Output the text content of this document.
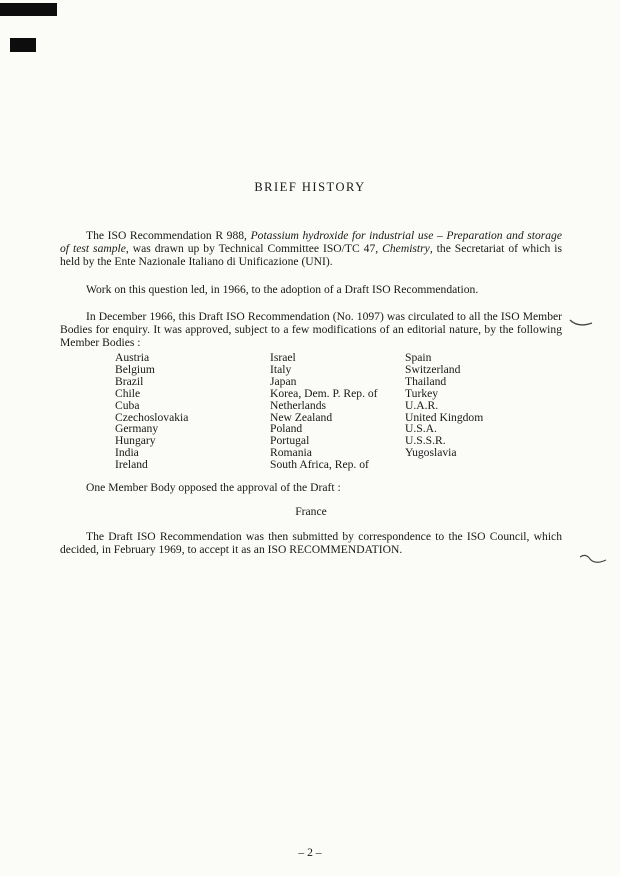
BRIEF HISTORY

The ISO Recommendation R 988, Potassium hydroxide for industrial use – Preparation and storage of test sample, was drawn up by Technical Committee ISO/TC 47, Chemistry, the Secretariat of which is held by the Ente Nazionale Italiano di Unificazione (UNI).

Work on this question led, in 1966, to the adoption of a Draft ISO Recommendation.

In December 1966, this Draft ISO Recommendation (No. 1097) was circulated to all the ISO Member Bodies for enquiry. It was approved, subject to a few modifications of an editorial nature, by the following Member Bodies :

Austria
Belgium
Brazil
Chile
Cuba
Czechoslovakia
Germany
Hungary
India
Ireland
Israel
Italy
Japan
Korea, Dem. P. Rep. of
Netherlands
New Zealand
Poland
Portugal
Romania
South Africa, Rep. of
Spain
Switzerland
Thailand
Turkey
U.A.R.
United Kingdom
U.S.A.
U.S.S.R.
Yugoslavia

One Member Body opposed the approval of the Draft :

France

The Draft ISO Recommendation was then submitted by correspondence to the ISO Council, which decided, in February 1969, to accept it as an ISO RECOMMENDATION.

– 2 –
